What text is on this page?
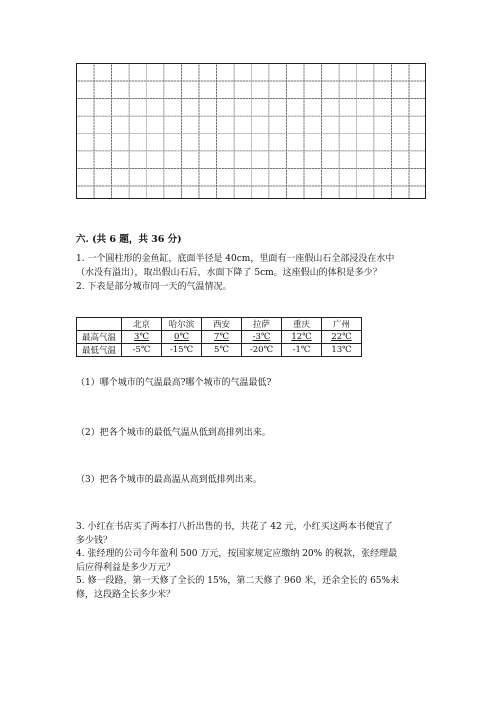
六. (共 6 题，共 36 分)
1. 一个圆柱形的金鱼缸，底面半径是 40cm，里面有一座假山石全部浸没在水中
（水没有溢出），取出假山石后，水面下降了 5cm。这座假山的体积是多少？
2. 下表是部分城市同一天的气温情况。
	北京	哈尔滨	西安	拉萨	重庆	广州
最高气温	3℃	0℃	7℃	-3℃	12℃	22℃
最低气温	-5℃	-15℃	5℃	-20℃	-1℃	13℃
（1）哪个城市的气温最高?哪个城市的气温最低?
（2）把各个城市的最低气温从低到高排列出来。
（3）把各个城市的最高温从高到低排列出来。
3. 小红在书店买了两本打八折出售的书，共花了 42 元，小红买这两本书便宜了
多少钱？
4. 张经理的公司今年盈利 500 万元，按国家规定应缴纳 20% 的税款，张经理最
后应得利益是多少万元？
5. 修一段路，第一天修了全长的 15%，第二天修了 960 米，还余全长的 65%未
修，这段路全长多少米？
